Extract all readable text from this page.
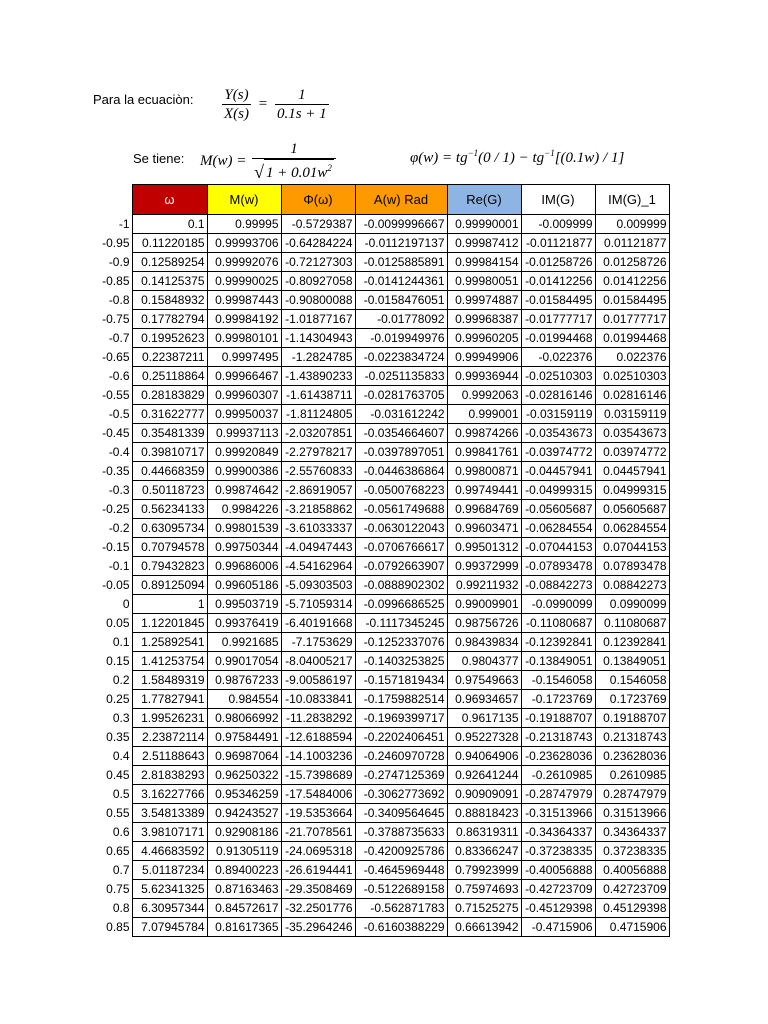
Para la ecuaciòn: $\frac{Y(s)}{X(s)} = \frac{1}{0.1s + 1}$
Se tiene: $M(w) = \frac{1}{√ 1 + 0.01w^2}$	$\varphi(w) = tg^{-1}(0 / 1) - tg^{-1}[(0.1w) / 1]$
	ω	M(w)	Φ(ω)	A(w) Rad	Re(G)	IM(G)	IM(G)_1
-1	0.1	0.99995	-0.5729387	-0.0099996667	0.99990001	-0.009999	0.009999
-0.95	0.11220185	0.99993706	-0.64284224	-0.0112197137	0.99987412	-0.01121877	0.01121877
-0.9	0.12589254	0.99992076	-0.72127303	-0.0125885891	0.99984154	-0.01258726	0.01258726
-0.85	0.14125375	0.99990025	-0.80927058	-0.0141244361	0.99980051	-0.01412256	0.01412256
-0.8	0.15848932	0.99987443	-0.90800088	-0.0158476051	0.99974887	-0.01584495	0.01584495
-0.75	0.17782794	0.99984192	-1.01877167	-0.01778092	0.99968387	-0.01777717	0.01777717
-0.7	0.19952623	0.99980101	-1.14304943	-0.019949976	0.99960205	-0.01994468	0.01994468
-0.65	0.22387211	0.9997495	-1.2824785	-0.0223834724	0.99949906	-0.022376	0.022376
-0.6	0.25118864	0.99966467	-1.43890233	-0.0251135833	0.99936944	-0.02510303	0.02510303
-0.55	0.28183829	0.99960307	-1.61438711	-0.0281763705	0.9992063	-0.02816146	0.02816146
-0.5	0.31622777	0.99950037	-1.81124805	-0.031612242	0.999001	-0.03159119	0.03159119
-0.45	0.35481339	0.99937113	-2.03207851	-0.0354664607	0.99874266	-0.03543673	0.03543673
-0.4	0.39810717	0.99920849	-2.27978217	-0.0397897051	0.99841761	-0.03974772	0.03974772
-0.35	0.44668359	0.99900386	-2.55760833	-0.0446386864	0.99800871	-0.04457941	0.04457941
-0.3	0.50118723	0.99874642	-2.86919057	-0.0500768223	0.99749441	-0.04999315	0.04999315
-0.25	0.56234133	0.9984226	-3.21858862	-0.0561749688	0.99684769	-0.05605687	0.05605687
-0.2	0.63095734	0.99801539	-3.61033337	-0.0630122043	0.99603471	-0.06284554	0.06284554
-0.15	0.70794578	0.99750344	-4.04947443	-0.0706766617	0.99501312	-0.07044153	0.07044153
-0.1	0.79432823	0.99686006	-4.54162964	-0.0792663907	0.99372999	-0.07893478	0.07893478
-0.05	0.89125094	0.99605186	-5.09303503	-0.0888902302	0.99211932	-0.08842273	0.08842273
0	1	0.99503719	-5.71059314	-0.0996686525	0.99009901	-0.0990099	0.0990099
0.05	1.12201845	0.99376419	-6.40191668	-0.1117345245	0.98756726	-0.11080687	0.11080687
0.1	1.25892541	0.9921685	-7.1753629	-0.1252337076	0.98439834	-0.12392841	0.12392841
0.15	1.41253754	0.99017054	-8.04005217	-0.1403253825	0.9804377	-0.13849051	0.13849051
0.2	1.58489319	0.98767233	-9.00586197	-0.1571819434	0.97549663	-0.1546058	0.1546058
0.25	1.77827941	0.984554	-10.0833841	-0.1759882514	0.96934657	-0.1723769	0.1723769
0.3	1.99526231	0.98066992	-11.2838292	-0.1969399717	0.9617135	-0.19188707	0.19188707
0.35	2.23872114	0.97584491	-12.6188594	-0.2202406451	0.95227328	-0.21318743	0.21318743
0.4	2.51188643	0.96987064	-14.1003236	-0.2460970728	0.94064906	-0.23628036	0.23628036
0.45	2.81838293	0.96250322	-15.7398689	-0.2747125369	0.92641244	-0.2610985	0.2610985
0.5	3.16227766	0.95346259	-17.5484006	-0.3062773692	0.90909091	-0.28747979	0.28747979
0.55	3.54813389	0.94243527	-19.5353664	-0.3409564645	0.88818423	-0.31513966	0.31513966
0.6	3.98107171	0.92908186	-21.7078561	-0.3788735633	0.86319311	-0.34364337	0.34364337
0.65	4.46683592	0.91305119	-24.0695318	-0.4200925786	0.83366247	-0.37238335	0.37238335
0.7	5.01187234	0.89400223	-26.6194441	-0.4645969448	0.79923999	-0.40056888	0.40056888
0.75	5.62341325	0.87163463	-29.3508469	-0.5122689158	0.75974693	-0.42723709	0.42723709
0.8	6.30957344	0.84572617	-32.2501776	-0.562871783	0.71525275	-0.45129398	0.45129398
0.85	7.07945784	0.81617365	-35.2964246	-0.6160388229	0.66613942	-0.4715906	0.4715906
